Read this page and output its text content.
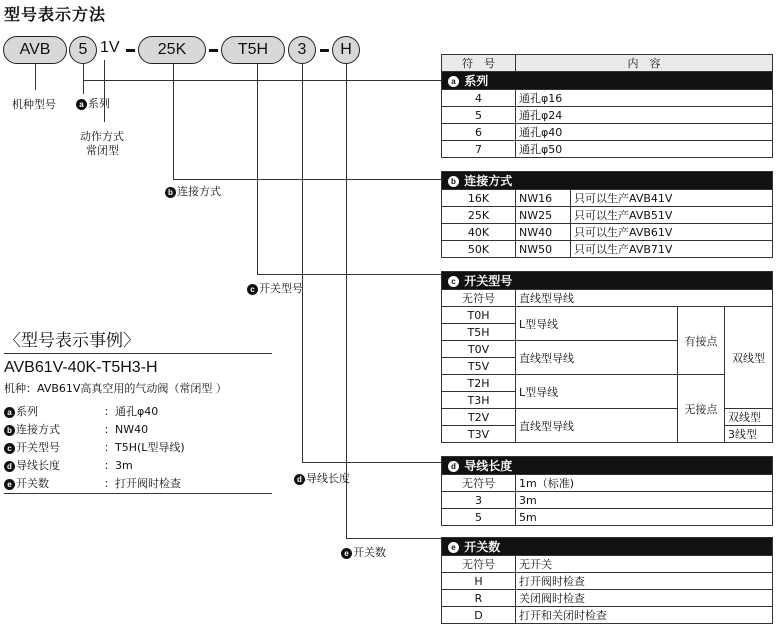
型号表示方法
AVB	5 1V	25K	T5H	3	H
机种型号	a 系列
动作方式
常闭型
b 连接方式
c 开关型号
d 导线长度
e 开关数
符　号	内　容			
a 系列				
4	通孔φ16			
5	通孔φ24			
6	通孔φ40			
7	通孔φ50			

b 连接方式				
16K	NW16	只可以生产AVB41V		
25K	NW25	只可以生产AVB51V		
40K	NW40	只可以生产AVB61V		
50K	NW50	只可以生产AVB71V		

c 开关型号				
无符号	直线型导线			
T0H	L型导线		有接点	双线型
T5H				
T0V	直线型导线			
T5V				
T2H	L型导线		无接点	
T3H				
T2V	直线型导线			双线型
T3V				3线型

d 导线长度				
无符号	1m（标准)			
3	3m			
5	5m			

e 开关数				
无符号	无开关			
H	打开阀时检查			
R	关闭阀时检查			
D	打开和关闭时检查			
〈型号表示事例〉
AVB61V-40K-T5H3-H
机种：AVB61V高真空用的气动阀（常闭型 ）
a 系列	：通孔φ40
b 连接方式	：NW40
c 开关型号	：T5H(L型导线)
d 导线长度	：3m
e 开关数	：打开阀时检查
